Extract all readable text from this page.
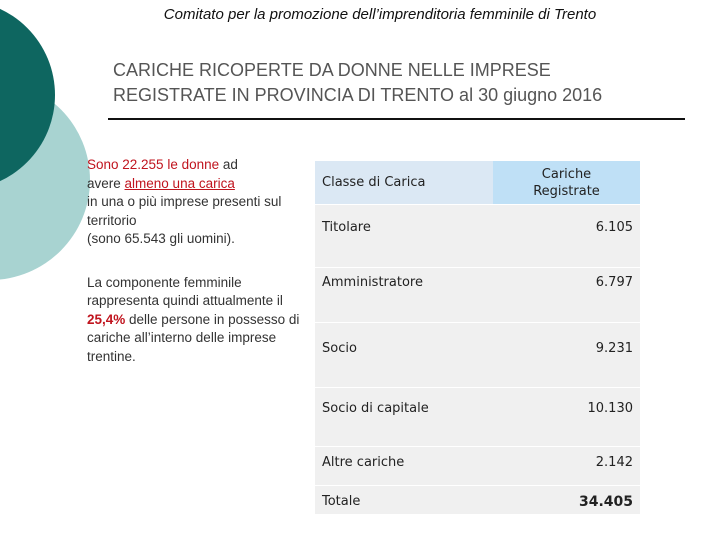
Comitato per la promozione dell’imprenditoria femminile di Trento
CARICHE RICOPERTE DA DONNE NELLE IMPRESE
REGISTRATE IN PROVINCIA DI TRENTO al 30 giugno 2016

Sono 22.255 le donne ad
avere almeno una carica
in una o più imprese presenti sul territorio
(sono 65.543 gli uomini).

La componente femminile rappresenta quindi attualmente il 25,4% delle persone in possesso di cariche all’interno delle imprese trentine.

Classe di Carica	Cariche Registrate

Titolare	6.105
Amministratore	6.797
Socio	9.231
Socio di capitale	10.130
Altre cariche	2.142
Totale	34.405
